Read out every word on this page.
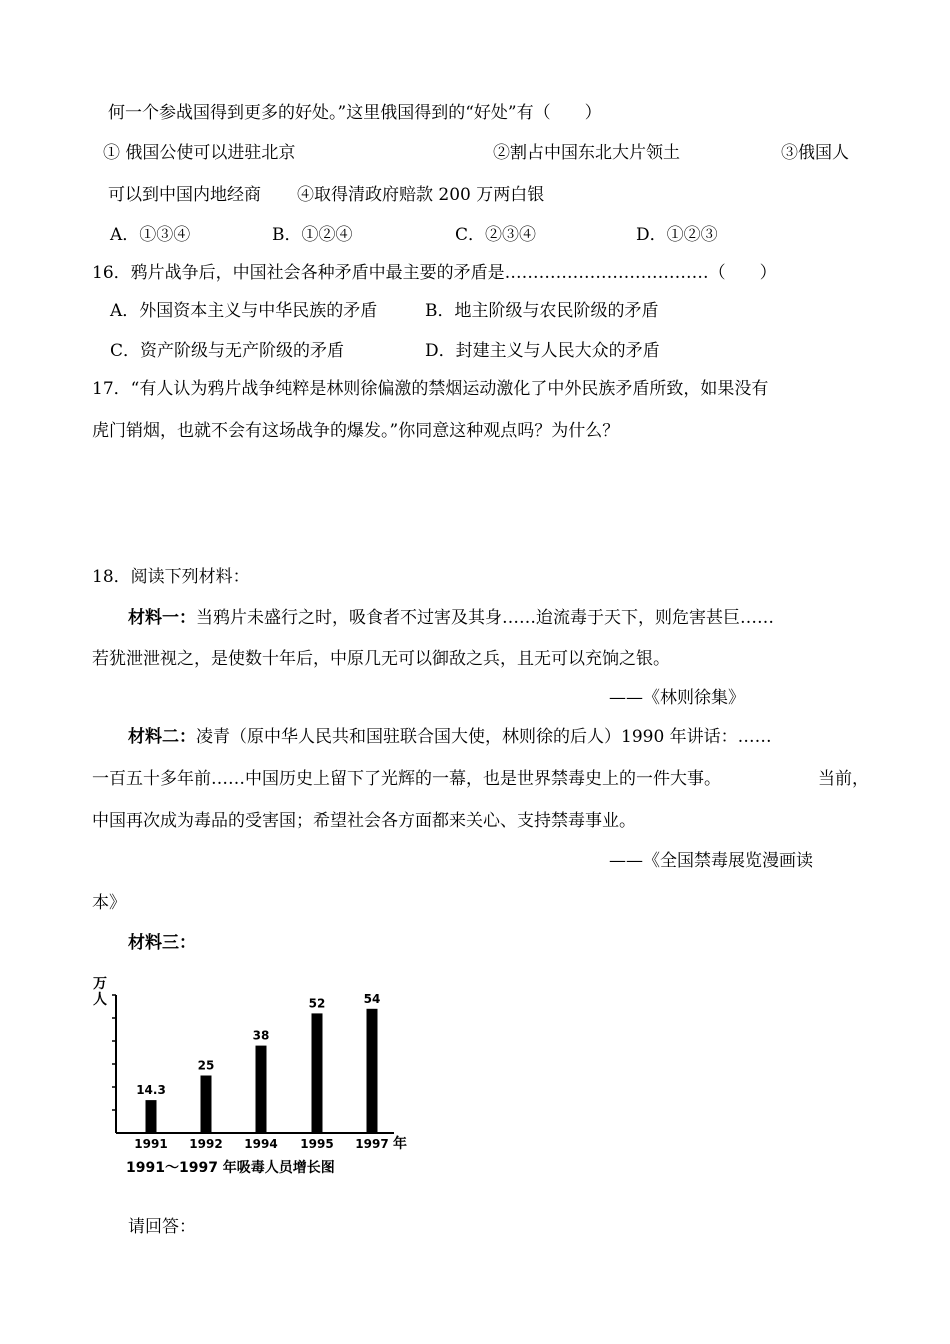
何一个参战国得到更多的好处。”这里俄国得到的“好处”有（　　）
① 俄国公使可以进驻北京	②割占中国东北大片领土	③俄国人
可以到中国内地经商 ④取得清政府赔款 200 万两白银
A．①③④	B．①②④	C．②③④	D．①②③
16．鸦片战争后，中国社会各种矛盾中最主要的矛盾是………………………………（　　）
A．外国资本主义与中华民族的矛盾	B．地主阶级与农民阶级的矛盾
C．资产阶级与无产阶级的矛盾	D．封建主义与人民大众的矛盾
17．“有人认为鸦片战争纯粹是林则徐偏激的禁烟运动激化了中外民族矛盾所致，如果没有
虎门销烟，也就不会有这场战争的爆发。”你同意这种观点吗？为什么？
18．阅读下列材料：
材料一：当鸦片未盛行之时，吸食者不过害及其身……迨流毒于天下，则危害甚巨……
若犹泄泄视之，是使数十年后，中原几无可以御敌之兵，且无可以充饷之银。
——《林则徐集》
材料二：凌青（原中华人民共和国驻联合国大使，林则徐的后人）1990 年讲话：……
一百五十多年前……中国历史上留下了光辉的一幕，也是世界禁毒史上的一件大事。	当前，
中国再次成为毒品的受害国；希望社会各方面都来关心、支持禁毒事业。
——《全国禁毒展览漫画读
本》
材料三：
万
人
14.3
1991
25
1992
38
1994
52
1995
54
1997 年
1991～1997 年吸毒人员增长图
请回答：
